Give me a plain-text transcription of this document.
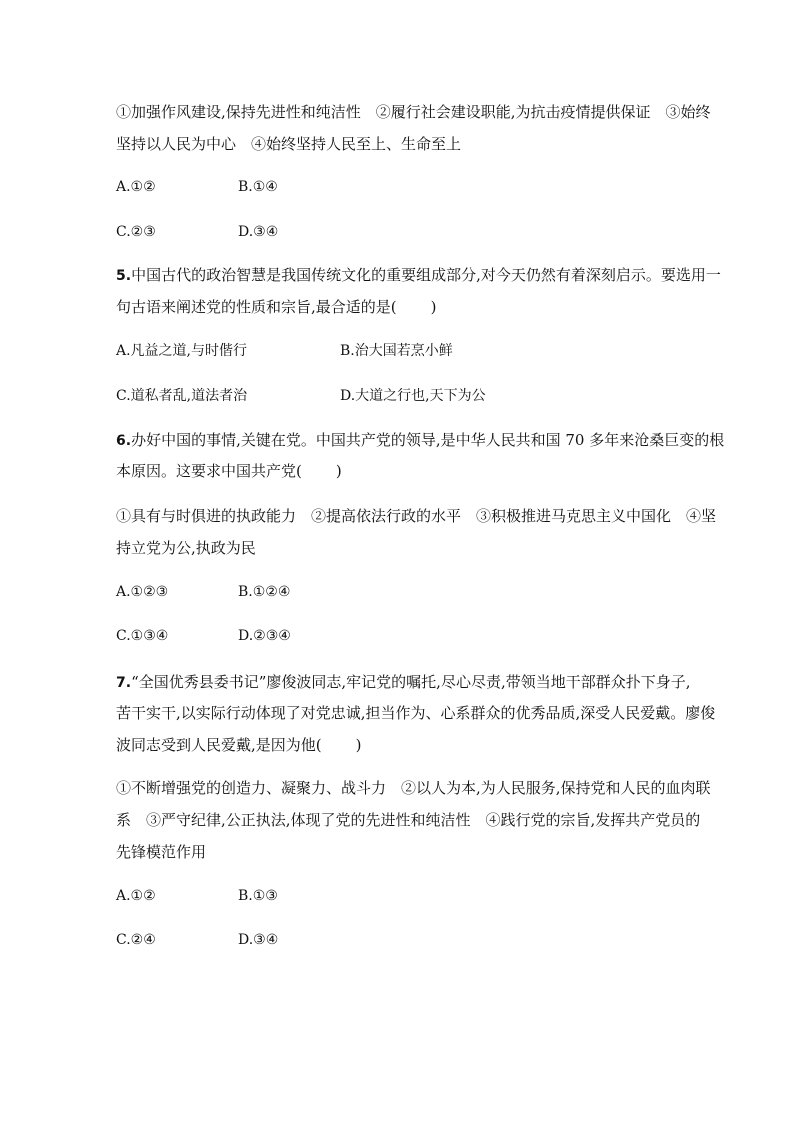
①加强作风建设,保持先进性和纯洁性　②履行社会建设职能,为抗击疫情提供保证　③始终
坚持以人民为中心　④始终坚持人民至上、生命至上
A.①②	B.①④
C.②③	D.③④
5.中国古代的政治智慧是我国传统文化的重要组成部分,对今天仍然有着深刻启示。要选用一
句古语来阐述党的性质和宗旨,最合适的是( )
A.凡益之道,与时偕行	B.治大国若烹小鲜
C.道私者乱,道法者治	D.大道之行也,天下为公
6.办好中国的事情,关键在党。中国共产党的领导,是中华人民共和国 70 多年来沧桑巨变的根
本原因。这要求中国共产党( )
①具有与时俱进的执政能力　②提高依法行政的水平　③积极推进马克思主义中国化　④坚
持立党为公,执政为民
A.①②③	B.①②④
C.①③④	D.②③④
7.“全国优秀县委书记”廖俊波同志,牢记党的嘱托,尽心尽责,带领当地干部群众扑下身子,
苦干实干,以实际行动体现了对党忠诚,担当作为、心系群众的优秀品质,深受人民爱戴。廖俊
波同志受到人民爱戴,是因为他( )
①不断增强党的创造力、凝聚力、战斗力　②以人为本,为人民服务,保持党和人民的血肉联
系　③严守纪律,公正执法,体现了党的先进性和纯洁性　④践行党的宗旨,发挥共产党员的
先锋模范作用
A.①②	B.①③
C.②④	D.③④
